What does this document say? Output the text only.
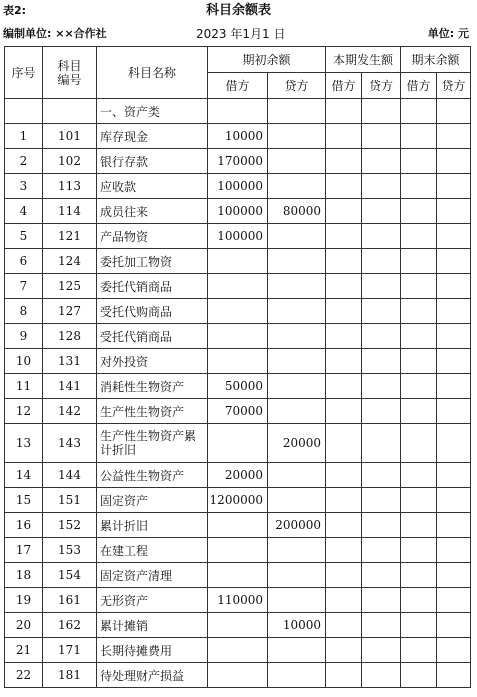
表2:	科目余额表
编制单位: ××合作社	2023 年1月1 日	单位: 元
序号	科目
编号	科目名称	期初余额		本期发生额		期末余额	
			借方	贷方	借方	贷方	借方	贷方
		一、资产类						
1	101	库存现金	10000					
2	102	银行存款	170000					
3	113	应收款	100000					
4	114	成员往来	100000	80000				
5	121	产品物资	100000					
6	124	委托加工物资						
7	125	委托代销商品						
8	127	受托代购商品						
9	128	受托代销商品						
10	131	对外投资						
11	141	消耗性生物资产	50000					
12	142	生产性生物资产	70000					
13	143	生产性生物资产累计折旧		20000				
14	144	公益性生物资产	20000					
15	151	固定资产	1200000					
16	152	累计折旧		200000				
17	153	在建工程						
18	154	固定资产清理						
19	161	无形资产	110000					
20	162	累计摊销		10000				
21	171	长期待摊费用						
22	181	待处理财产损益						
